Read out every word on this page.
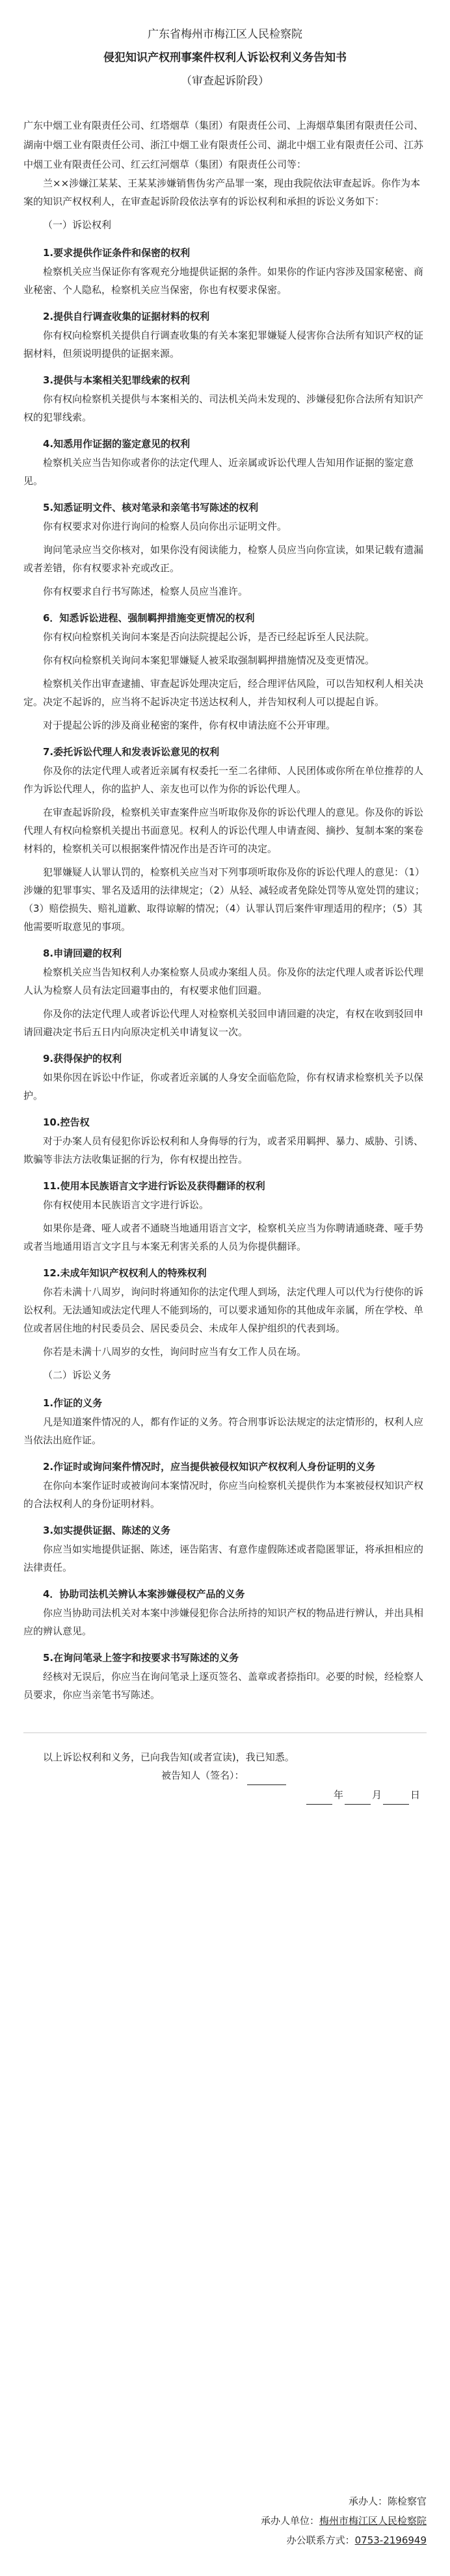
广东省梅州市梅江区人民检察院
侵犯知识产权刑事案件权利人诉讼权利义务告知书
（审查起诉阶段）
广东中烟工业有限责任公司、红塔烟草（集团）有限责任公司、上海烟草集团有限责任公司、湖南中烟工业有限责任公司、浙江中烟工业有限责任公司、湖北中烟工业有限责任公司、江苏中烟工业有限责任公司、红云红河烟草（集团）有限责任公司等：

兰××涉嫌江某某、王某某涉嫌销售伪劣产品罪一案，现由我院依法审查起诉。你作为本案的知识产权权利人，在审查起诉阶段依法享有的诉讼权利和承担的诉讼义务如下：

（一）诉讼权利

1.要求提供作证条件和保密的权利

检察机关应当保证你有客观充分地提供证据的条件。如果你的作证内容涉及国家秘密、商业秘密、个人隐私，检察机关应当保密，你也有权要求保密。

2.提供自行调查收集的证据材料的权利

你有权向检察机关提供自行调查收集的有关本案犯罪嫌疑人侵害你合法所有知识产权的证据材料，但须说明提供的证据来源。

3.提供与本案相关犯罪线索的权利

你有权向检察机关提供与本案相关的、司法机关尚未发现的、涉嫌侵犯你合法所有知识产权的犯罪线索。

4.知悉用作证据的鉴定意见的权利

检察机关应当告知你或者你的法定代理人、近亲属或诉讼代理人告知用作证据的鉴定意见。

5.知悉证明文件、核对笔录和亲笔书写陈述的权利

你有权要求对你进行询问的检察人员向你出示证明文件。

询问笔录应当交你核对，如果你没有阅读能力，检察人员应当向你宣读，如果记载有遗漏或者差错，你有权要求补充或改正。

你有权要求自行书写陈述，检察人员应当准许。

6．知悉诉讼进程、强制羁押措施变更情况的权利

你有权向检察机关询问本案是否向法院提起公诉，是否已经起诉至人民法院。

你有权向检察机关询问本案犯罪嫌疑人被采取强制羁押措施情况及变更情况。

检察机关作出审查逮捕、审查起诉处理决定后，经合理评估风险，可以告知权利人相关决定。决定不起诉的，应当将不起诉决定书送达权利人，并告知权利人可以提起自诉。

对于提起公诉的涉及商业秘密的案件，你有权申请法庭不公开审理。

7.委托诉讼代理人和发表诉讼意见的权利

你及你的法定代理人或者近亲属有权委托一至二名律师、人民团体或你所在单位推荐的人作为诉讼代理人，你的监护人、亲友也可以作为你的诉讼代理人。

在审查起诉阶段，检察机关审查案件应当听取你及你的诉讼代理人的意见。你及你的诉讼代理人有权向检察机关提出书面意见。权利人的诉讼代理人申请查阅、摘抄、复制本案的案卷材料的，检察机关可以根据案件情况作出是否许可的决定。

犯罪嫌疑人认罪认罚的，检察机关应当对下列事项听取你及你的诉讼代理人的意见：（1）涉嫌的犯罪事实、罪名及适用的法律规定；（2）从轻、减轻或者免除处罚等从宽处罚的建议；（3）赔偿损失、赔礼道歉、取得谅解的情况；（4）认罪认罚后案件审理适用的程序；（5）其他需要听取意见的事项。

8.申请回避的权利

检察机关应当告知权利人办案检察人员或办案组人员。你及你的法定代理人或者诉讼代理人认为检察人员有法定回避事由的，有权要求他们回避。

你及你的法定代理人或者诉讼代理人对检察机关驳回申请回避的决定，有权在收到驳回申请回避决定书后五日内向原决定机关申请复议一次。

9.获得保护的权利

如果你因在诉讼中作证，你或者近亲属的人身安全面临危险，你有权请求检察机关予以保护。

10.控告权

对于办案人员有侵犯你诉讼权利和人身侮辱的行为，或者采用羁押、暴力、威胁、引诱、欺骗等非法方法收集证据的行为，你有权提出控告。

11.使用本民族语言文字进行诉讼及获得翻译的权利

你有权使用本民族语言文字进行诉讼。

如果你是聋、哑人或者不通晓当地通用语言文字，检察机关应当为你聘请通晓聋、哑手势或者当地通用语言文字且与本案无利害关系的人员为你提供翻译。

12.未成年知识产权权利人的特殊权利

你若未满十八周岁，询问时将通知你的法定代理人到场，法定代理人可以代为行使你的诉讼权利。无法通知或法定代理人不能到场的，可以要求通知你的其他成年亲属，所在学校、单位或者居住地的村民委员会、居民委员会、未成年人保护组织的代表到场。

你若是未满十八周岁的女性，询问时应当有女工作人员在场。

（二）诉讼义务

1.作证的义务

凡是知道案件情况的人，都有作证的义务。符合刑事诉讼法规定的法定情形的，权利人应当依法出庭作证。

2.作证时或询问案件情况时，应当提供被侵权知识产权权利人身份证明的义务

在你向本案作证时或被询问本案情况时，你应当向检察机关提供作为本案被侵权知识产权的合法权利人的身份证明材料。

3.如实提供证据、陈述的义务

你应当如实地提供证据、陈述，诬告陷害、有意作虚假陈述或者隐匿罪证，将承担相应的法律责任。

4．协助司法机关辨认本案涉嫌侵权产品的义务

你应当协助司法机关对本案中涉嫌侵犯你合法所持的知识产权的物品进行辨认，并出具相应的辨认意见。

5.在询问笔录上签字和按要求书写陈述的义务

经核对无误后，你应当在询问笔录上逐页签名、盖章或者捺指印。必要的时候，经检察人员要求，你应当亲笔书写陈述。

以上诉讼权利和义务，已向我告知(或者宣读)，我已知悉。

被告知人（签名）：
年	月	日
承办人：陈检察官
承办人单位：梅州市梅江区人民检察院
办公联系方式：0753-2196949
